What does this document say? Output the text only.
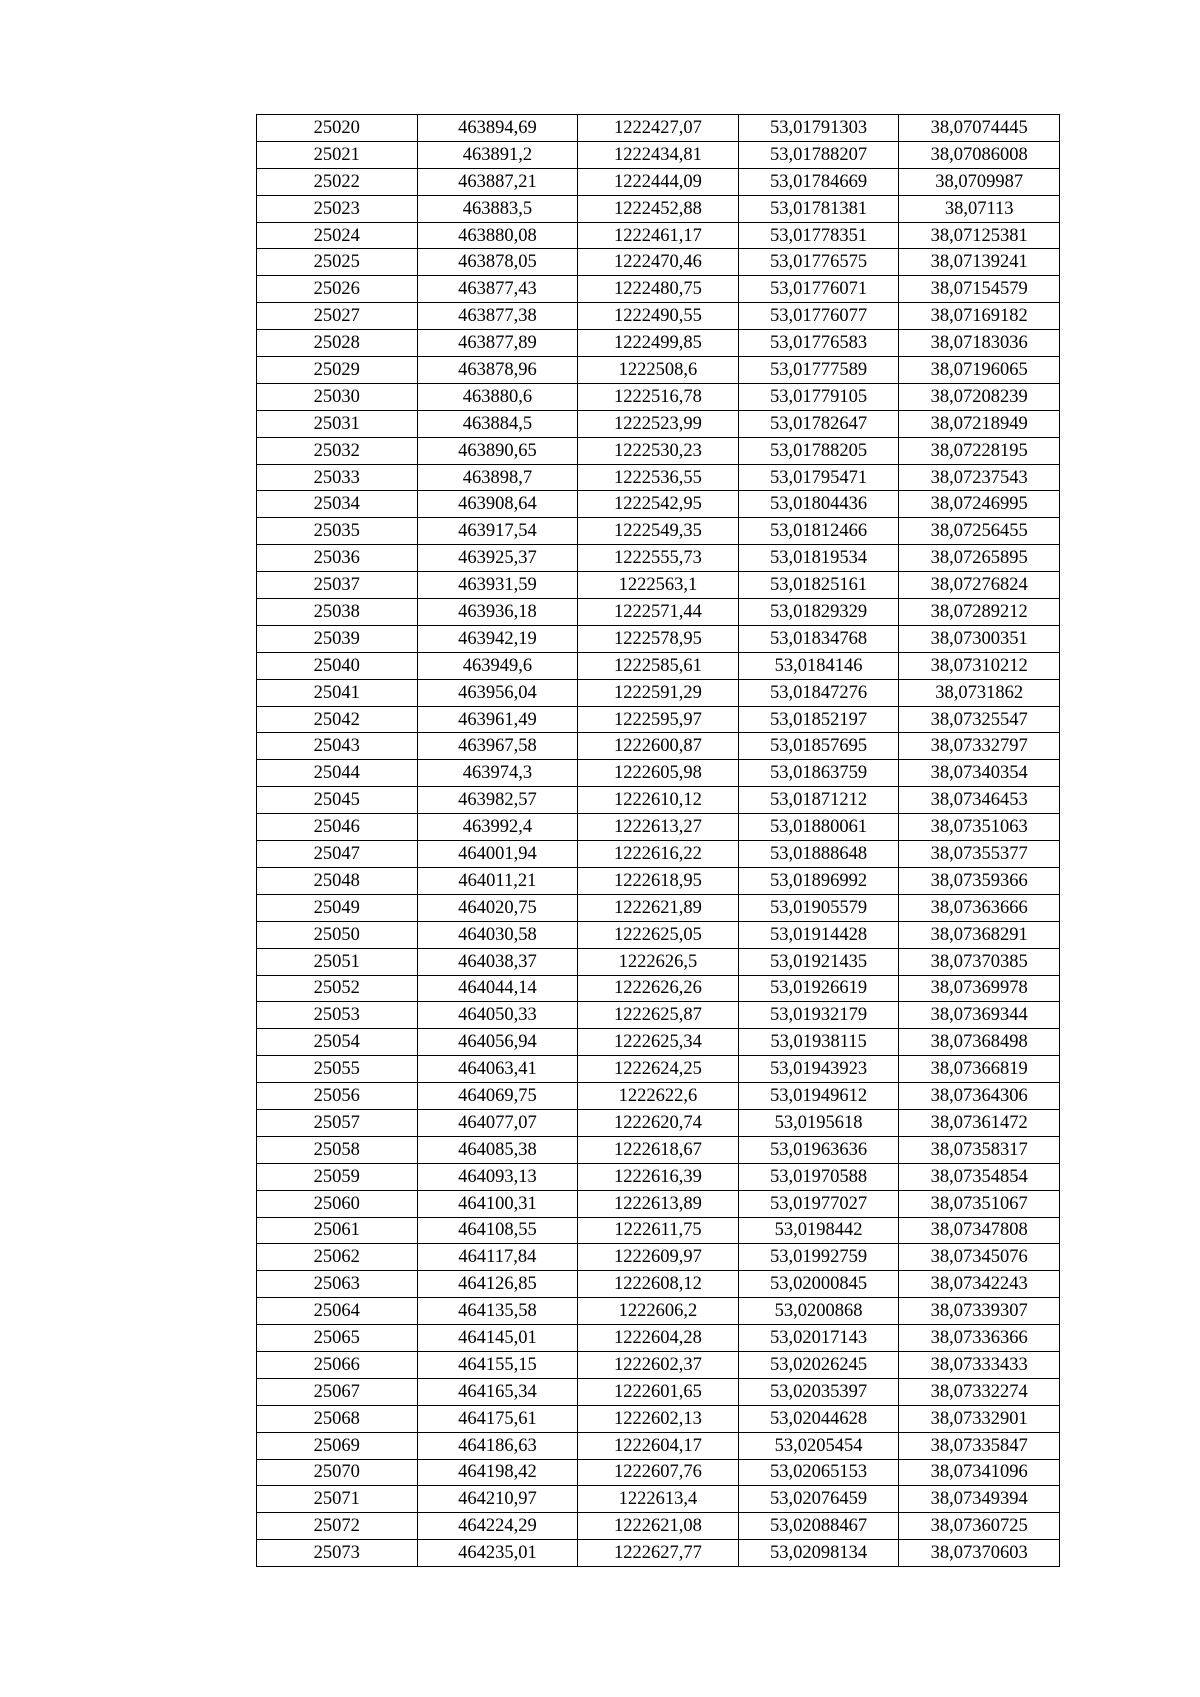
25020	463894,69	1222427,07	53,01791303	38,07074445
25021	463891,2	1222434,81	53,01788207	38,07086008
25022	463887,21	1222444,09	53,01784669	38,0709987
25023	463883,5	1222452,88	53,01781381	38,07113
25024	463880,08	1222461,17	53,01778351	38,07125381
25025	463878,05	1222470,46	53,01776575	38,07139241
25026	463877,43	1222480,75	53,01776071	38,07154579
25027	463877,38	1222490,55	53,01776077	38,07169182
25028	463877,89	1222499,85	53,01776583	38,07183036
25029	463878,96	1222508,6	53,01777589	38,07196065
25030	463880,6	1222516,78	53,01779105	38,07208239
25031	463884,5	1222523,99	53,01782647	38,07218949
25032	463890,65	1222530,23	53,01788205	38,07228195
25033	463898,7	1222536,55	53,01795471	38,07237543
25034	463908,64	1222542,95	53,01804436	38,07246995
25035	463917,54	1222549,35	53,01812466	38,07256455
25036	463925,37	1222555,73	53,01819534	38,07265895
25037	463931,59	1222563,1	53,01825161	38,07276824
25038	463936,18	1222571,44	53,01829329	38,07289212
25039	463942,19	1222578,95	53,01834768	38,07300351
25040	463949,6	1222585,61	53,0184146	38,07310212
25041	463956,04	1222591,29	53,01847276	38,0731862
25042	463961,49	1222595,97	53,01852197	38,07325547
25043	463967,58	1222600,87	53,01857695	38,07332797
25044	463974,3	1222605,98	53,01863759	38,07340354
25045	463982,57	1222610,12	53,01871212	38,07346453
25046	463992,4	1222613,27	53,01880061	38,07351063
25047	464001,94	1222616,22	53,01888648	38,07355377
25048	464011,21	1222618,95	53,01896992	38,07359366
25049	464020,75	1222621,89	53,01905579	38,07363666
25050	464030,58	1222625,05	53,01914428	38,07368291
25051	464038,37	1222626,5	53,01921435	38,07370385
25052	464044,14	1222626,26	53,01926619	38,07369978
25053	464050,33	1222625,87	53,01932179	38,07369344
25054	464056,94	1222625,34	53,01938115	38,07368498
25055	464063,41	1222624,25	53,01943923	38,07366819
25056	464069,75	1222622,6	53,01949612	38,07364306
25057	464077,07	1222620,74	53,0195618	38,07361472
25058	464085,38	1222618,67	53,01963636	38,07358317
25059	464093,13	1222616,39	53,01970588	38,07354854
25060	464100,31	1222613,89	53,01977027	38,07351067
25061	464108,55	1222611,75	53,0198442	38,07347808
25062	464117,84	1222609,97	53,01992759	38,07345076
25063	464126,85	1222608,12	53,02000845	38,07342243
25064	464135,58	1222606,2	53,0200868	38,07339307
25065	464145,01	1222604,28	53,02017143	38,07336366
25066	464155,15	1222602,37	53,02026245	38,07333433
25067	464165,34	1222601,65	53,02035397	38,07332274
25068	464175,61	1222602,13	53,02044628	38,07332901
25069	464186,63	1222604,17	53,0205454	38,07335847
25070	464198,42	1222607,76	53,02065153	38,07341096
25071	464210,97	1222613,4	53,02076459	38,07349394
25072	464224,29	1222621,08	53,02088467	38,07360725
25073	464235,01	1222627,77	53,02098134	38,07370603
